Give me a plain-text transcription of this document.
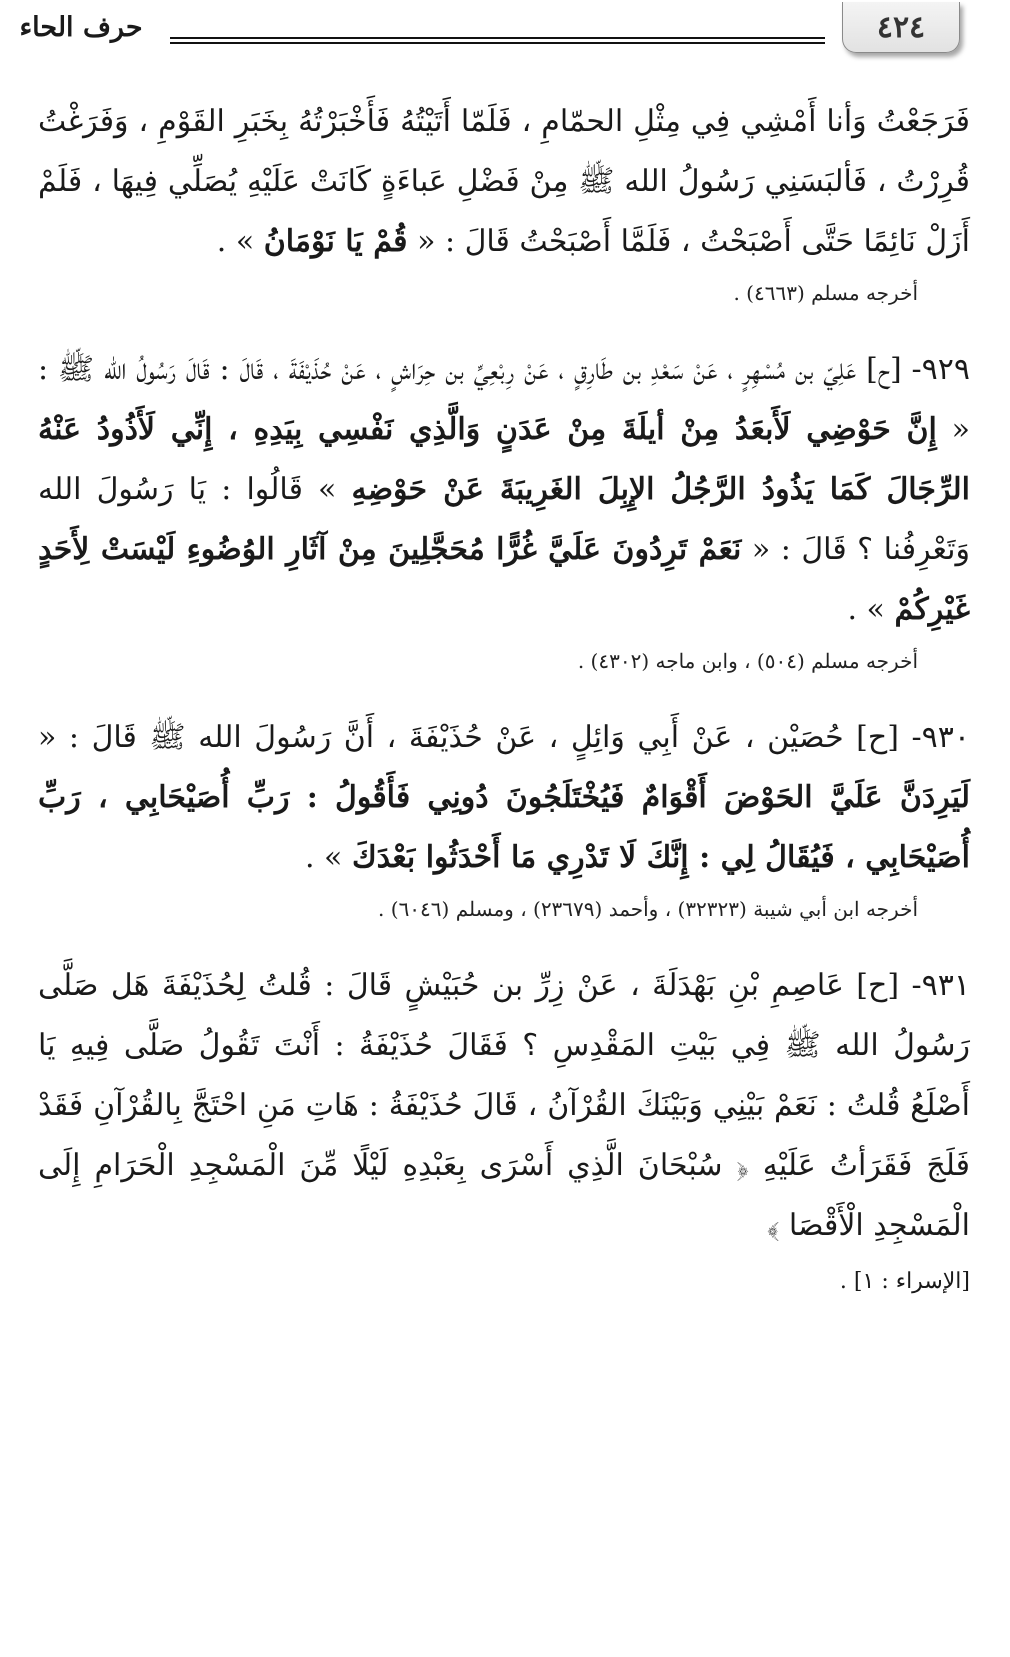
٤٢٤
حرف الحاء

فَرَجَعْتُ وَأنا أَمْشِي فِي مِثْلِ الحمّامِ ، فَلَمّا أَتَيْتُهُ فَأَخْبَرْتُهُ بِخَبَرِ القَوْمِ ، وَفَرَغْتُ قُرِرْتُ ، فَألبَسَنِي رَسُولُ الله ﷺ مِنْ فَضْلِ عَباءَةٍ كَانَتْ عَلَيْهِ يُصَلِّي فِيهَا ، فَلَمْ أَزَلْ نَائِمًا حَتَّى أَصْبَحْتُ ، فَلَمَّا أَصْبَحْتُ قَالَ : « قُمْ يَا نَوْمَانُ » .

أخرجه مسلم (٤٦٦٣) .

٩٢٩- [ح] عَلِيّ بن مُسْهِرٍ ، عَنْ سَعْدِ بن طَارِقٍ ، عَنْ رِبْعِيِّ بن حِرَاشٍ ، عَنْ حُذَيْفَةَ ، قَالَ : قَالَ رَسُولُ الله ﷺ : « إِنَّ حَوْضِي لَأَبعَدُ مِنْ أيلَةَ مِنْ عَدَنٍ وَالَّذِي نَفْسِي بِيَدِهِ ، إِنِّي لَأَذُودُ عَنْهُ الرِّجَالَ كَمَا يَذُودُ الرَّجُلُ الإِبِلَ الغَرِيبَةَ عَنْ حَوْضِهِ » قَالُوا : يَا رَسُولَ الله وَتَعْرِفُنا ؟ قَالَ : « نَعَمْ تَرِدُونَ عَلَيَّ غُرًّا مُحَجَّلِينَ مِنْ آثَارِ الوُضُوءِ لَيْسَتْ لِأَحَدٍ غَيْرِكُمْ » .

أخرجه مسلم (٥٠٤) ، وابن ماجه (٤٣٠٢) .

٩٣٠- [ح] حُصَيْن ، عَنْ أَبِي وَائِلٍ ، عَنْ حُذَيْفَةَ ، أَنَّ رَسُولَ الله ﷺ قَالَ : « لَيَرِدَنَّ عَلَيَّ الحَوْضَ أَقْوَامٌ فَيُخْتَلَجُونَ دُونِي فَأَقُولُ : رَبِّ أُصَيْحَابِي ، رَبِّ أُصَيْحَابِي ، فَيُقَالُ لِي : إِنَّكَ لَا تَدْرِي مَا أَحْدَثُوا بَعْدَكَ » .

أخرجه ابن أبي شيبة (٣٢٣٢٣) ، وأحمد (٢٣٦٧٩) ، ومسلم (٦٠٤٦) .

٩٣١- [ح] عَاصِمِ بْنِ بَهْدَلَةَ ، عَنْ زِرِّ بن حُبَيْشٍ قَالَ : قُلتُ لِحُذَيْفَةَ هَل صَلَّى رَسُولُ الله ﷺ فِي بَيْتِ المَقْدِسِ ؟ فَقَالَ حُذَيْفَةُ : أَنْتَ تَقُولُ صَلَّى فِيهِ يَا أَصْلَعُ قُلتُ : نَعَمْ بَيْنِي وَبَيْنَكَ القُرْآنُ ، قَالَ حُذَيْفَةُ : هَاتِ مَنِ احْتَجَّ بِالقُرْآنِ فَقَدْ فَلَجَ فَقَرَأتُ عَلَيْهِ ﴿ سُبْحَانَ الَّذِي أَسْرَى بِعَبْدِهِ لَيْلًا مِّنَ الْمَسْجِدِ الْحَرَامِ إِلَى الْمَسْجِدِ الْأَقْصَا ﴾

[الإسراء : ١] .
